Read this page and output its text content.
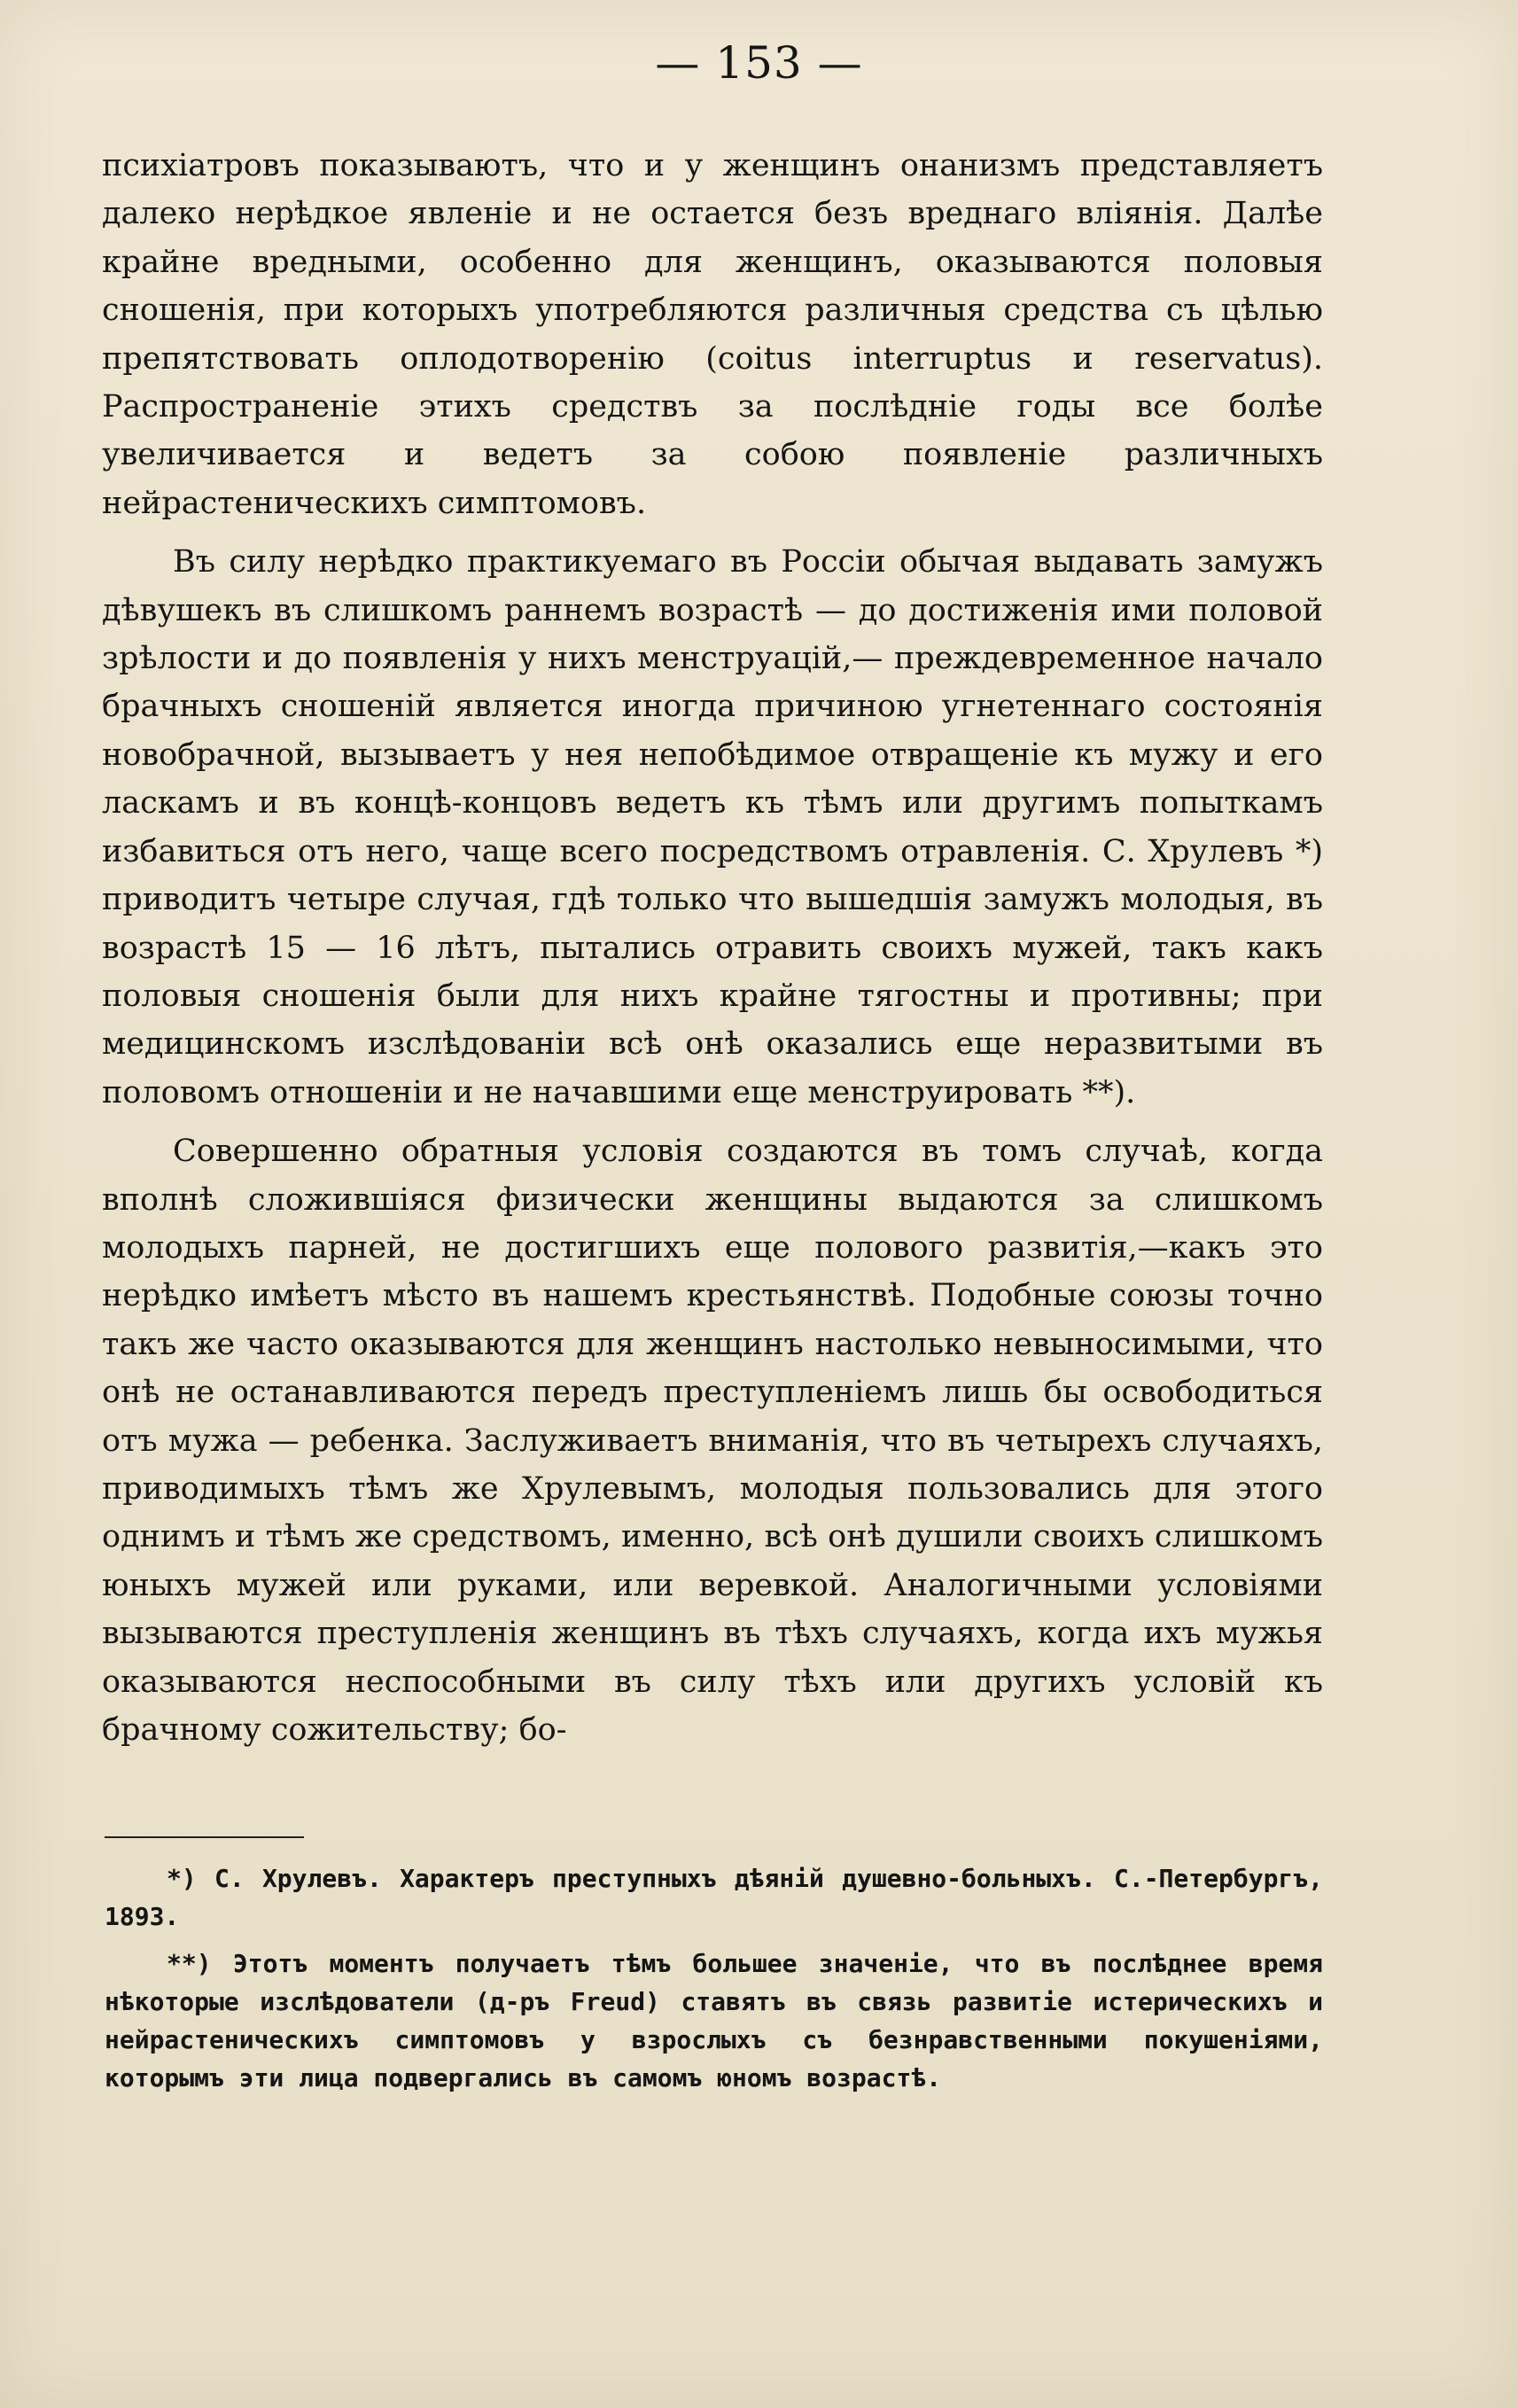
— 153 —

психіатровъ показываютъ, что и у женщинъ онанизмъ представляетъ далеко нерѣдкое явленіе и не остается безъ вреднаго вліянія. Далѣе крайне вредными, особенно для женщинъ, оказываются половыя сношенія, при которыхъ употребляются различныя средства съ цѣлью препятствовать оплодотворенію (coitus interruptus и reservatus). Распространеніе этихъ средствъ за послѣдніе годы все болѣе увеличивается и ведетъ за собою появленіе различныхъ нейрастеническихъ симптомовъ.

Въ силу нерѣдко практикуемаго въ Россіи обычая выдавать замужъ дѣвушекъ въ слишкомъ раннемъ возрастѣ — до достиженія ими половой зрѣлости и до появленія у нихъ менструацій,— преждевременное начало брачныхъ сношеній является иногда причиною угнетеннаго состоянія новобрачной, вызываетъ у нея непобѣдимое отвращеніе къ мужу и его ласкамъ и въ концѣ-концовъ ведетъ къ тѣмъ или другимъ попыткамъ избавиться отъ него, чаще всего посредствомъ отравленія. С. Хрулевъ *) приводитъ четыре случая, гдѣ только что вышедшія замужъ молодыя, въ возрастѣ 15 — 16 лѣтъ, пытались отравить своихъ мужей, такъ какъ половыя сношенія были для нихъ крайне тягостны и противны; при медицинскомъ изслѣдованіи всѣ онѣ оказались еще неразвитыми въ половомъ отношеніи и не начавшими еще менструировать **).

Совершенно обратныя условія создаются въ томъ случаѣ, когда вполнѣ сложившіяся физически женщины выдаются за слишкомъ молодыхъ парней, не достигшихъ еще полового развитія,—какъ это нерѣдко имѣетъ мѣсто въ нашемъ крестьянствѣ. Подобные союзы точно такъ же часто оказываются для женщинъ настолько невыносимыми, что онѣ не останавливаются передъ преступленіемъ лишь бы освободиться отъ мужа — ребенка. Заслуживаетъ вниманія, что въ четырехъ случаяхъ, приводимыхъ тѣмъ же Хрулевымъ, молодыя пользовались для этого однимъ и тѣмъ же средствомъ, именно, всѣ онѣ душили своихъ слишкомъ юныхъ мужей или руками, или веревкой. Аналогичными условіями вызываются преступленія женщинъ въ тѣхъ случаяхъ, когда ихъ мужья оказываются неспособными въ силу тѣхъ или другихъ условій къ брачному сожительству; бо-

*) С. Хрулевъ. Характеръ преступныхъ дѣяній душевно-больныхъ. С.-Петербургъ, 1893.

**) Этотъ моментъ получаетъ тѣмъ большее значеніе, что въ послѣднее время нѣкоторые изслѣдователи (д-ръ Freud) ставятъ въ связь развитіе истерическихъ и нейрастеническихъ симптомовъ у взрослыхъ съ безнравственными покушеніями, которымъ эти лица подвергались въ самомъ юномъ возрастѣ.
